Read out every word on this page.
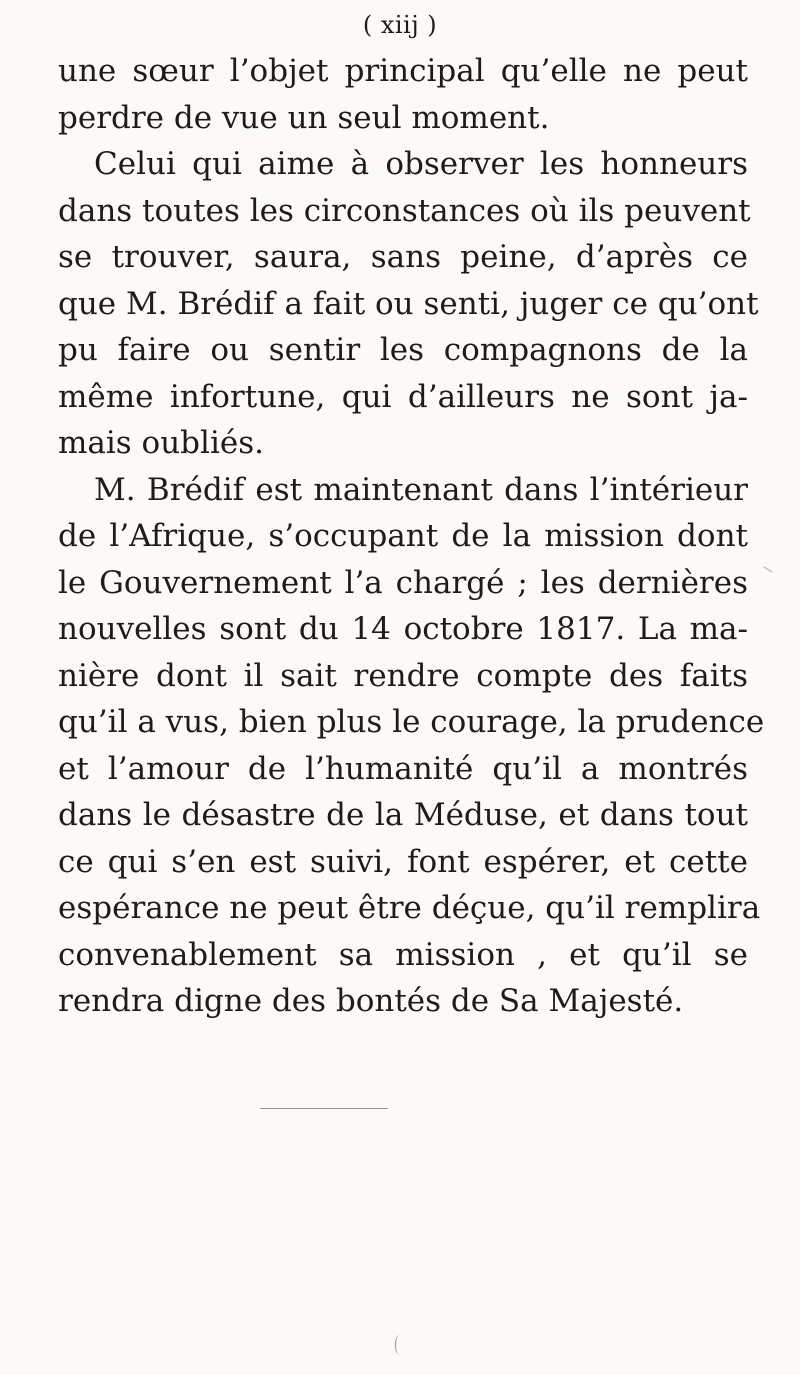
( xiij )
une sœur l’objet principal qu’elle ne peut
perdre de vue un seul moment.
Celui qui aime à observer les honneurs
dans toutes les circonstances où ils peuvent
se trouver, saura, sans peine, d’après ce
que M. Brédif a fait ou senti, juger ce qu’ont
pu faire ou sentir les compagnons de la
même infortune, qui d’ailleurs ne sont ja-
mais oubliés.
M. Brédif est maintenant dans l’intérieur
de l’Afrique, s’occupant de la mission dont
le Gouvernement l’a chargé ; les dernières
nouvelles sont du 14 octobre 1817. La ma-
nière dont il sait rendre compte des faits
qu’il a vus, bien plus le courage, la prudence
et l’amour de l’humanité qu’il a montrés
dans le désastre de la Méduse, et dans tout
ce qui s’en est suivi, font espérer, et cette
espérance ne peut être déçue, qu’il remplira
convenablement sa mission , et qu’il se
rendra digne des bontés de Sa Majesté.
